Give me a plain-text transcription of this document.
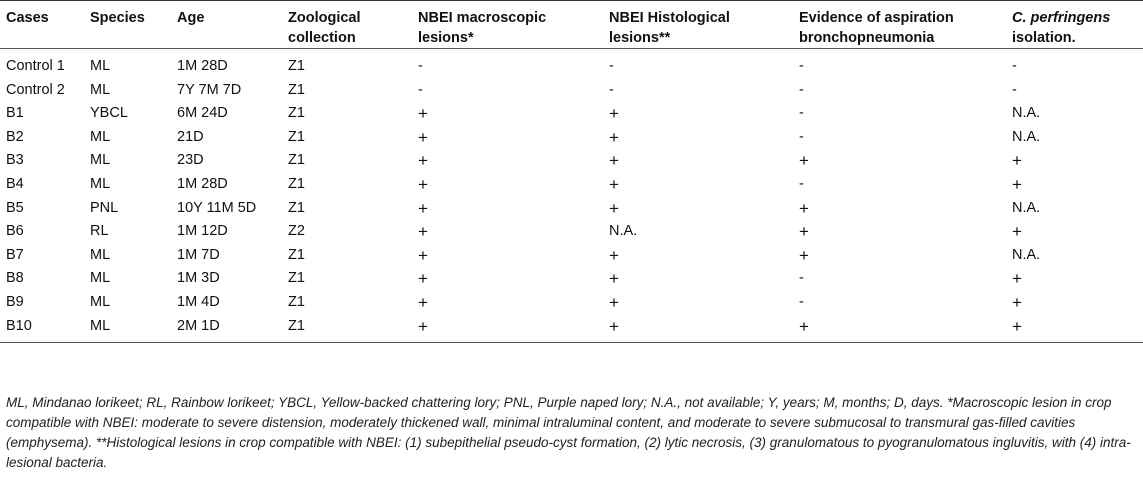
Cases	Species	Age	Zoological collection	NBEI macroscopic lesions*	NBEI Histological lesions**	Evidence of aspiration bronchopneumonia	C. perfringens isolation.
Control 1	ML	1M 28D	Z1	-	-	-	-
Control 2	ML	7Y 7M 7D	Z1	-	-	-	-
B1	YBCL	6M 24D	Z1	+	+	-	N.A.
B2	ML	21D	Z1	+	+	-	N.A.
B3	ML	23D	Z1	+	+	+	+
B4	ML	1M 28D	Z1	+	+	-	+
B5	PNL	10Y 11M 5D	Z1	+	+	+	N.A.
B6	RL	1M 12D	Z2	+	N.A.	+	+
B7	ML	1M 7D	Z1	+	+	+	N.A.
B8	ML	1M 3D	Z1	+	+	-	+
B9	ML	1M 4D	Z1	+	+	-	+
B10	ML	2M 1D	Z1	+	+	+	+
ML, Mindanao lorikeet; RL, Rainbow lorikeet; YBCL, Yellow-backed chattering lory; PNL, Purple naped lory; N.A., not available; Y, years; M, months; D, days. *Macroscopic lesion in crop compatible with NBEI: moderate to severe distension, moderately thickened wall, minimal intraluminal content, and moderate to severe submucosal to transmural gas-filled cavities (emphysema). **Histological lesions in crop compatible with NBEI: (1) subepithelial pseudo-cyst formation, (2) lytic necrosis, (3) granulomatous to pyogranulomatous ingluvitis, with (4) intra-lesional bacteria.
